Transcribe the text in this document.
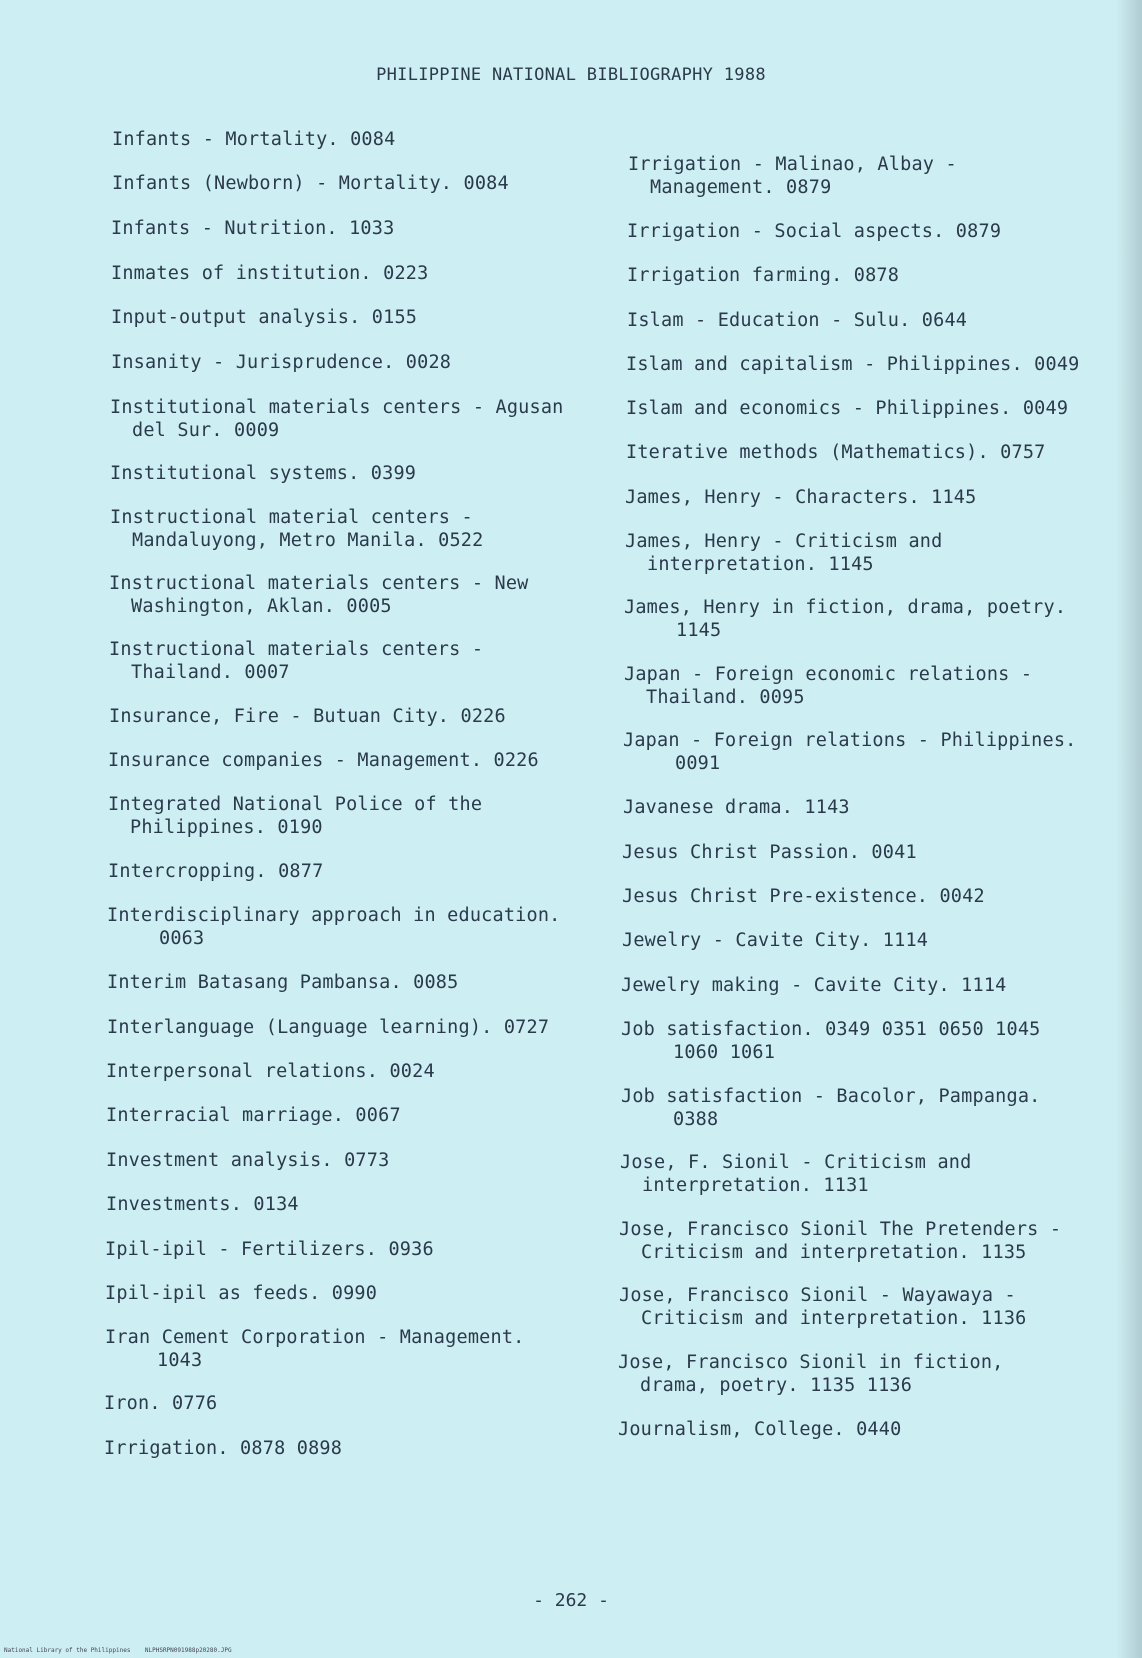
PHILIPPINE NATIONAL BIBLIOGRAPHY 1988
Infants - Mortality. 0084
Infants (Newborn) - Mortality. 0084
Infants - Nutrition. 1033
Inmates of institution. 0223
Input-output analysis. 0155
Insanity - Jurisprudence. 0028
Institutional materials centers - Agusan
del Sur. 0009
Institutional systems. 0399
Instructional material centers -
Mandaluyong, Metro Manila. 0522
Instructional materials centers - New
Washington, Aklan. 0005
Instructional materials centers -
Thailand. 0007
Insurance, Fire - Butuan City. 0226
Insurance companies - Management. 0226
Integrated National Police of the
Philippines. 0190
Intercropping. 0877
Interdisciplinary approach in education.
0063
Interim Batasang Pambansa. 0085
Interlanguage (Language learning). 0727
Interpersonal relations. 0024
Interracial marriage. 0067
Investment analysis. 0773
Investments. 0134
Ipil-ipil - Fertilizers. 0936
Ipil-ipil as feeds. 0990
Iran Cement Corporation - Management.
1043
Iron. 0776
Irrigation. 0878 0898
Irrigation - Malinao, Albay -
Management. 0879
Irrigation - Social aspects. 0879
Irrigation farming. 0878
Islam - Education - Sulu. 0644
Islam and capitalism - Philippines. 0049
Islam and economics - Philippines. 0049
Iterative methods (Mathematics). 0757
James, Henry - Characters. 1145
James, Henry - Criticism and
interpretation. 1145
James, Henry in fiction, drama, poetry.
1145
Japan - Foreign economic relations -
Thailand. 0095
Japan - Foreign relations - Philippines.
0091
Javanese drama. 1143
Jesus Christ Passion. 0041
Jesus Christ Pre-existence. 0042
Jewelry - Cavite City. 1114
Jewelry making - Cavite City. 1114
Job satisfaction. 0349 0351 0650 1045
1060 1061
Job satisfaction - Bacolor, Pampanga.
0388
Jose, F. Sionil - Criticism and
interpretation. 1131
Jose, Francisco Sionil The Pretenders -
Criticism and interpretation. 1135
Jose, Francisco Sionil - Wayawaya -
Criticism and interpretation. 1136
Jose, Francisco Sionil in fiction,
drama, poetry. 1135 1136
Journalism, College. 0440
- 262 -
National Library of the Philippines    NLPHSRPN091988p20280.JPG
